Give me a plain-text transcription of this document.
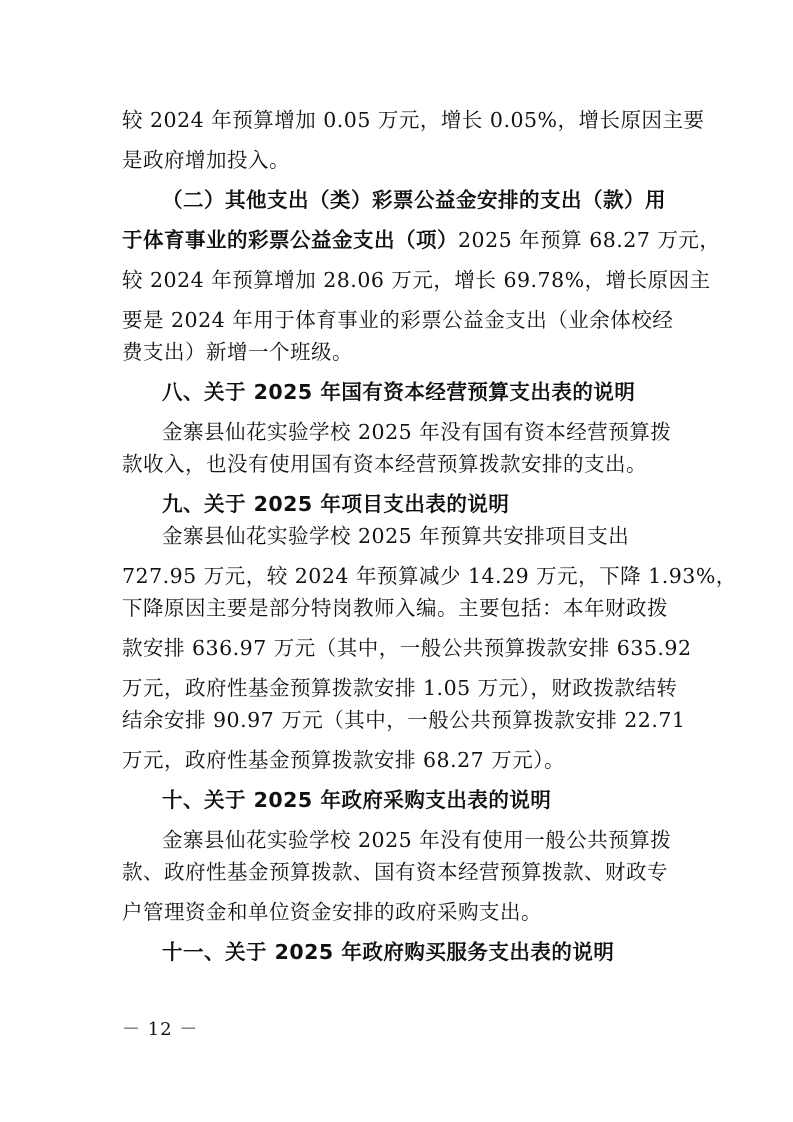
较 2024 年预算增加 0.05 万元，增长 0.05%，增长原因主要
是政府增加投入。
（二）其他支出（类）彩票公益金安排的支出（款）用
于体育事业的彩票公益金支出（项）2025 年预算 68.27 万元，
较 2024 年预算增加 28.06 万元，增长 69.78%，增长原因主
要是 2024 年用于体育事业的彩票公益金支出（业余体校经
费支出）新增一个班级。
八、关于 2025 年国有资本经营预算支出表的说明
金寨县仙花实验学校 2025 年没有国有资本经营预算拨
款收入，也没有使用国有资本经营预算拨款安排的支出。
九、关于 2025 年项目支出表的说明
金寨县仙花实验学校 2025 年预算共安排项目支出
727.95 万元，较 2024 年预算减少 14.29 万元，下降 1.93%，
下降原因主要是部分特岗教师入编。主要包括：本年财政拨
款安排 636.97 万元（其中，一般公共预算拨款安排 635.92
万元，政府性基金预算拨款安排 1.05 万元），财政拨款结转
结余安排 90.97 万元（其中，一般公共预算拨款安排 22.71
万元，政府性基金预算拨款安排 68.27 万元）。
十、关于 2025 年政府采购支出表的说明
金寨县仙花实验学校 2025 年没有使用一般公共预算拨
款、政府性基金预算拨款、国有资本经营预算拨款、财政专
户管理资金和单位资金安排的政府采购支出。
十一、关于 2025 年政府购买服务支出表的说明
－ 12 －
